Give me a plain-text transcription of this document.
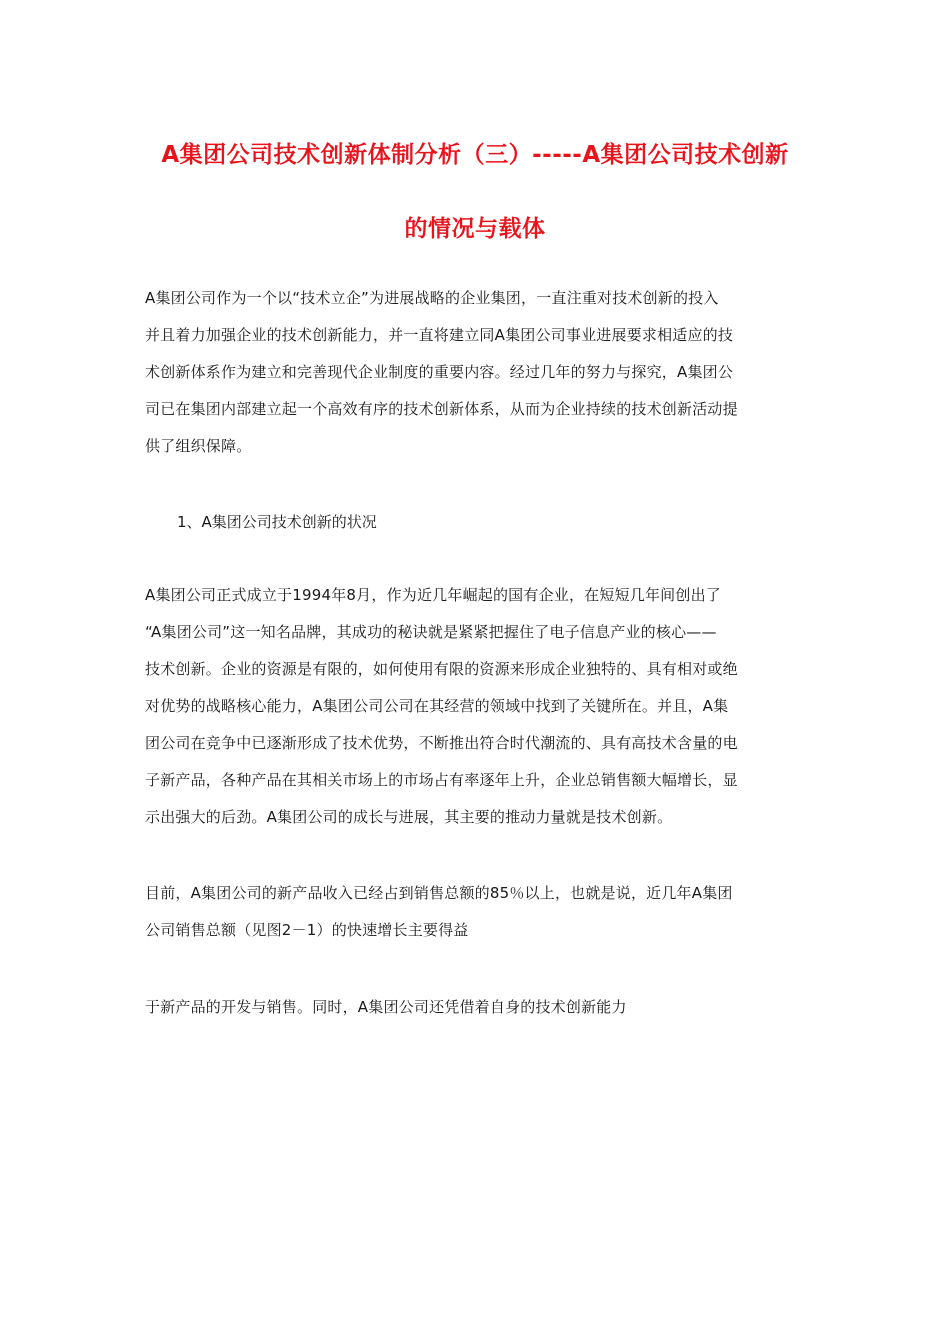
A集团公司技术创新体制分析（三）-----A集团公司技术创新
的情况与载体

A集团公司作为一个以“技术立企”为进展战略的企业集团，一直注重对技术创新的投入
并且着力加强企业的技术创新能力，并一直将建立同A集团公司事业进展要求相适应的技
术创新体系作为建立和完善现代企业制度的重要内容。经过几年的努力与探究，A集团公
司已在集团内部建立起一个高效有序的技术创新体系，从而为企业持续的技术创新活动提
供了组织保障。

1、A集团公司技术创新的状况

A集团公司正式成立于1994年8月，作为近几年崛起的国有企业，在短短几年间创出了
“A集团公司”这一知名品牌，其成功的秘诀就是紧紧把握住了电子信息产业的核心——
技术创新。企业的资源是有限的，如何使用有限的资源来形成企业独特的、具有相对或绝
对优势的战略核心能力，A集团公司公司在其经营的领域中找到了关键所在。并且，A集
团公司在竞争中已逐渐形成了技术优势，不断推出符合时代潮流的、具有高技术含量的电
子新产品，各种产品在其相关市场上的市场占有率逐年上升，企业总销售额大幅增长，显
示出强大的后劲。A集团公司的成长与进展，其主要的推动力量就是技术创新。

目前，A集团公司的新产品收入已经占到销售总额的85％以上，也就是说，近几年A集团
公司销售总额（见图2－1）的快速增长主要得益

于新产品的开发与销售。同时，A集团公司还凭借着自身的技术创新能力
